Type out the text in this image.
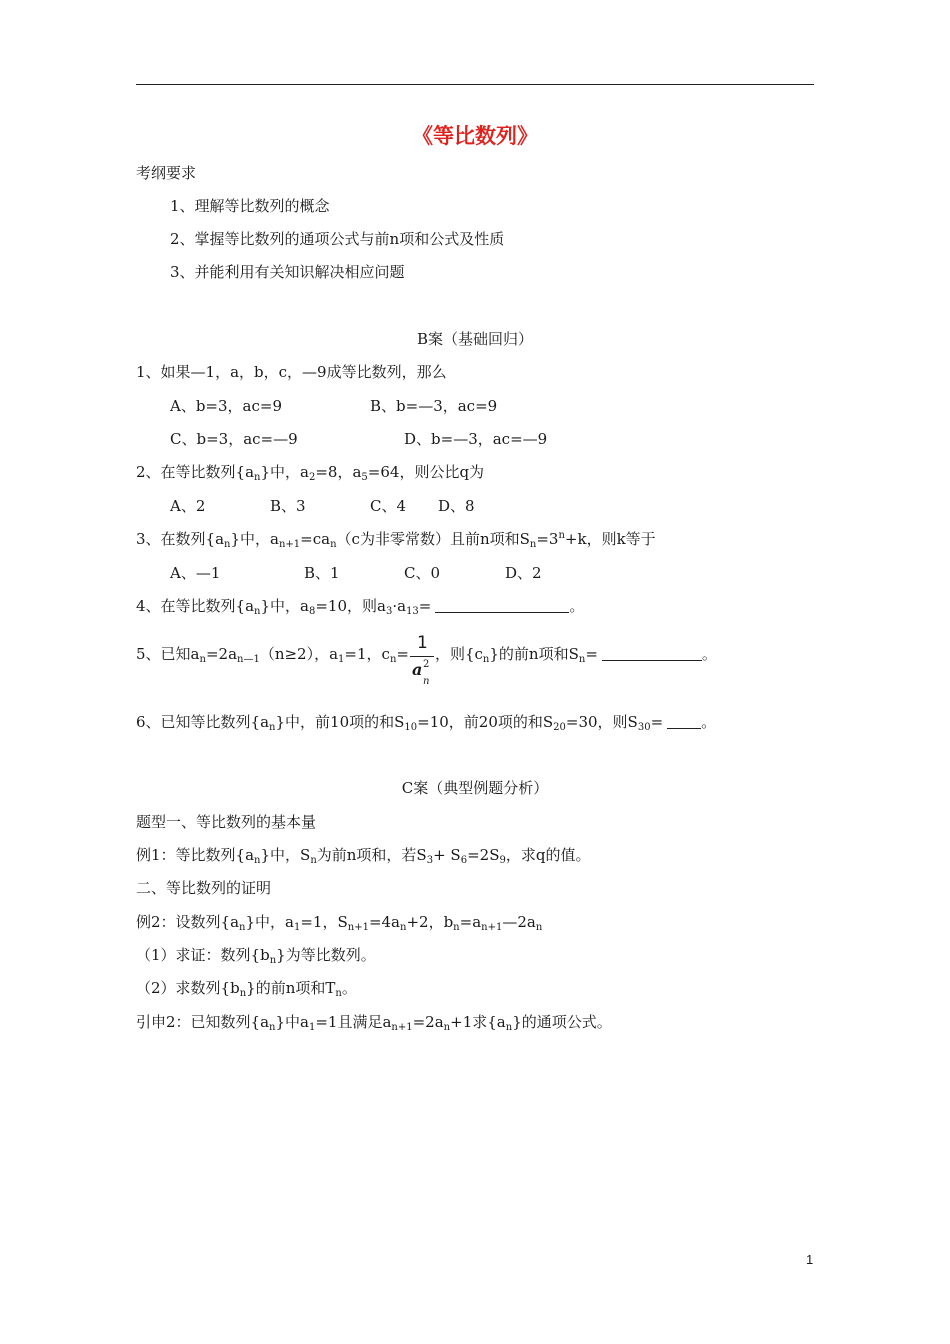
《等比数列》
考纲要求
1、理解等比数列的概念
2、掌握等比数列的通项公式与前n项和公式及性质
3、并能利用有关知识解决相应问题
B案（基础回归）
1、如果—1，a，b，c，—9成等比数列，那么
A、b=3，ac=9	B、b=—3，ac=9
C、b=3，ac=—9	D、b=—3，ac=—9
2、在等比数列$\{a_n\}$中，$a_2=8$，$a_5=64$，则公比q为
A、2	B、3	C、4 D、8
3、在数列$\{a_n\}$中，$a_{n+1}=ca_n(c$为非零常数）且前n项和$S_n=3^n+k$，则k等于
A、—1	B、1	C、0	D、2
4、在等比数列$\{a_n\}$中，$a_8=10$，则$a_3\cdot a_{13}=$	。
5、已知$a_n=2a_{n—1}(n\ge 2)$，$a_1=1$，$c_n= 1$
a 2
n ，则$\{c_n\}$的前n项和$S_n=$	。
6、已知等比数列$\{a_n\}$中，前10项的和$S_{10}=10$，前20项的和$S_{20}=30$，则$S_{30}=$	。
C案（典型例题分析）
题型一、等比数列的基本量
例1：等比数列$\{a_n\}$中，$S_n$为前n项和，若$S_3+ S_6=2S_9$，求q的值。
二、等比数列的证明
例2：设数列$\{a_n\}$中，$a_1=1$，$S_{n+1}=4a_n+2$，$b_n=a_{n+1}—2a_n$
（1）求证：数列$\{b_n\}$为等比数列。
（2）求数列$\{b_n\}$的前n项和$T_n$。
引申2：已知数列$\{a_n\}$中$a_1=1$且满足$a_{n+1}=2a_n+1$求$\{a_n\}$的通项公式。
1
